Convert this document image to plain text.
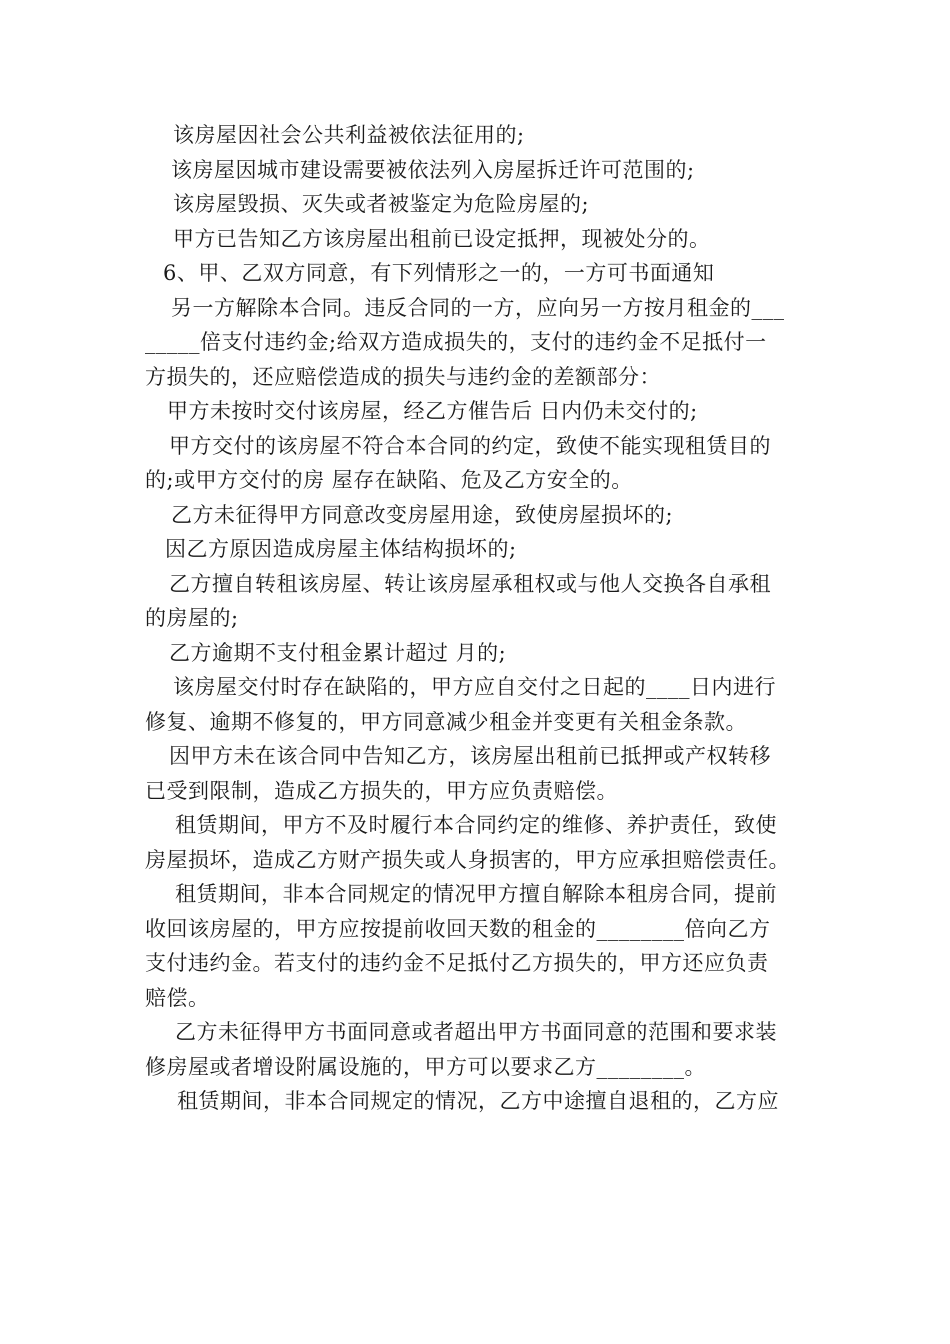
该房屋因社会公共利益被依法征用的;
该房屋因城市建设需要被依法列入房屋拆迁许可范围的;
该房屋毁损、灭失或者被鉴定为危险房屋的;
甲方已告知乙方该房屋出租前已设定抵押，现被处分的。
6、甲、乙双方同意，有下列情形之一的，一方可书面通知
另一方解除本合同。违反合同的一方，应向另一方按月租金的___
_____倍支付违约金;给双方造成损失的，支付的违约金不足抵付一
方损失的，还应赔偿造成的损失与违约金的差额部分：
甲方未按时交付该房屋，经乙方催告后 日内仍未交付的;
甲方交付的该房屋不符合本合同的约定，致使不能实现租赁目的
的;或甲方交付的房 屋存在缺陷、危及乙方安全的。
乙方未征得甲方同意改变房屋用途，致使房屋损坏的;
因乙方原因造成房屋主体结构损坏的;
乙方擅自转租该房屋、转让该房屋承租权或与他人交换各自承租
的房屋的;
乙方逾期不支付租金累计超过 月的;
该房屋交付时存在缺陷的，甲方应自交付之日起的____日内进行
修复、逾期不修复的，甲方同意减少租金并变更有关租金条款。
因甲方未在该合同中告知乙方，该房屋出租前已抵押或产权转移
已受到限制，造成乙方损失的，甲方应负责赔偿。
租赁期间，甲方不及时履行本合同约定的维修、养护责任，致使
房屋损坏，造成乙方财产损失或人身损害的，甲方应承担赔偿责任。
租赁期间，非本合同规定的情况甲方擅自解除本租房合同，提前
收回该房屋的，甲方应按提前收回天数的租金的________倍向乙方
支付违约金。若支付的违约金不足抵付乙方损失的，甲方还应负责
赔偿。
乙方未征得甲方书面同意或者超出甲方书面同意的范围和要求装
修房屋或者增设附属设施的，甲方可以要求乙方________。
租赁期间，非本合同规定的情况，乙方中途擅自退租的，乙方应
